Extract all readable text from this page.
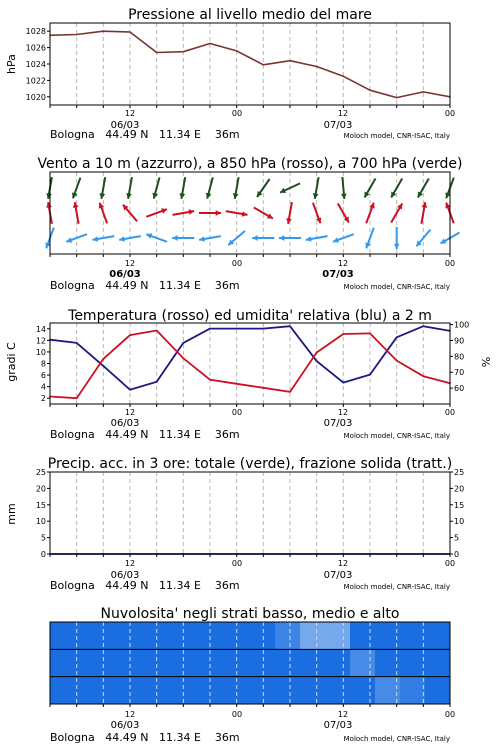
Pressione al livello medio del mare
hPa
1020
1022
1024
1026
1028
12	00	12	00
06/03	07/03
Bologna   44.49 N   11.34 E    36m	Moloch model, CNR-ISAC, Italy
Vento a 10 m (azzurro), a 850 hPa (rosso), a 700 hPa (verde)
12	00	12	00
06/03	07/03
Bologna   44.49 N   11.34 E    36m	Moloch model, CNR-ISAC, Italy
Temperatura (rosso) ed umidita' relativa (blu) a 2 m
gradi C	%
2
4
6
8
10
12
14
60
70
80
90
100
12	00	12	00
06/03	07/03
Bologna   44.49 N   11.34 E    36m	Moloch model, CNR-ISAC, Italy
Precip. acc. in 3 ore: totale (verde), frazione solida (tratt.)
mm
0
5
10
15
20
25
0
5
10
15
20
25
12	00	12	00
06/03	07/03
Bologna   44.49 N   11.34 E    36m	Moloch model, CNR-ISAC, Italy
Nuvolosita' negli strati basso, medio e alto
12	00	12	00
06/03	07/03
Bologna   44.49 N   11.34 E    36m	Moloch model, CNR-ISAC, Italy
